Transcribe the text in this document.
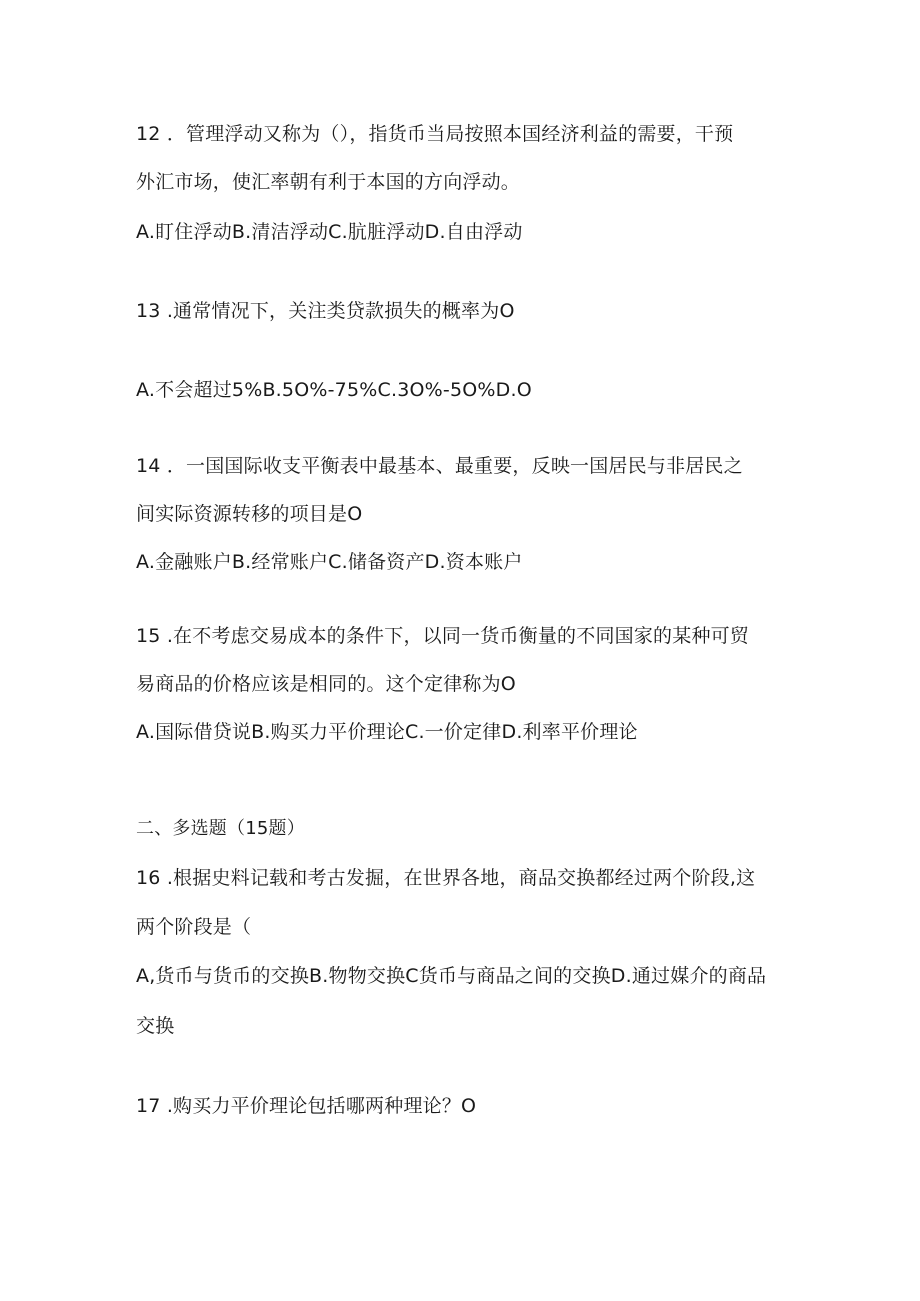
12 ．管理浮动又称为（），指货币当局按照本国经济利益的需要，干预
外汇市场，使汇率朝有利于本国的方向浮动。
A.盯住浮动B.清洁浮动C.肮脏浮动D.自由浮动
13 .通常情况下，关注类贷款损失的概率为O
A.不会超过5%B.5O%-75%C.3O%-5O%D.O
14 ．一国国际收支平衡表中最基本、最重要，反映一国居民与非居民之
间实际资源转移的项目是O
A.金融账户B.经常账户C.储备资产D.资本账户
15 .在不考虑交易成本的条件下，以同一货币衡量的不同国家的某种可贸
易商品的价格应该是相同的。这个定律称为O
A.国际借贷说B.购买力平价理论C.一价定律D.利率平价理论
二、多选题（15题）
16 .根据史料记载和考古发掘，在世界各地，商品交换都经过两个阶段,这
两个阶段是（
A,货币与货币的交换B.物物交换C货币与商品之间的交换D.通过媒介的商品
交换
17 .购买力平价理论包括哪两种理论？O
